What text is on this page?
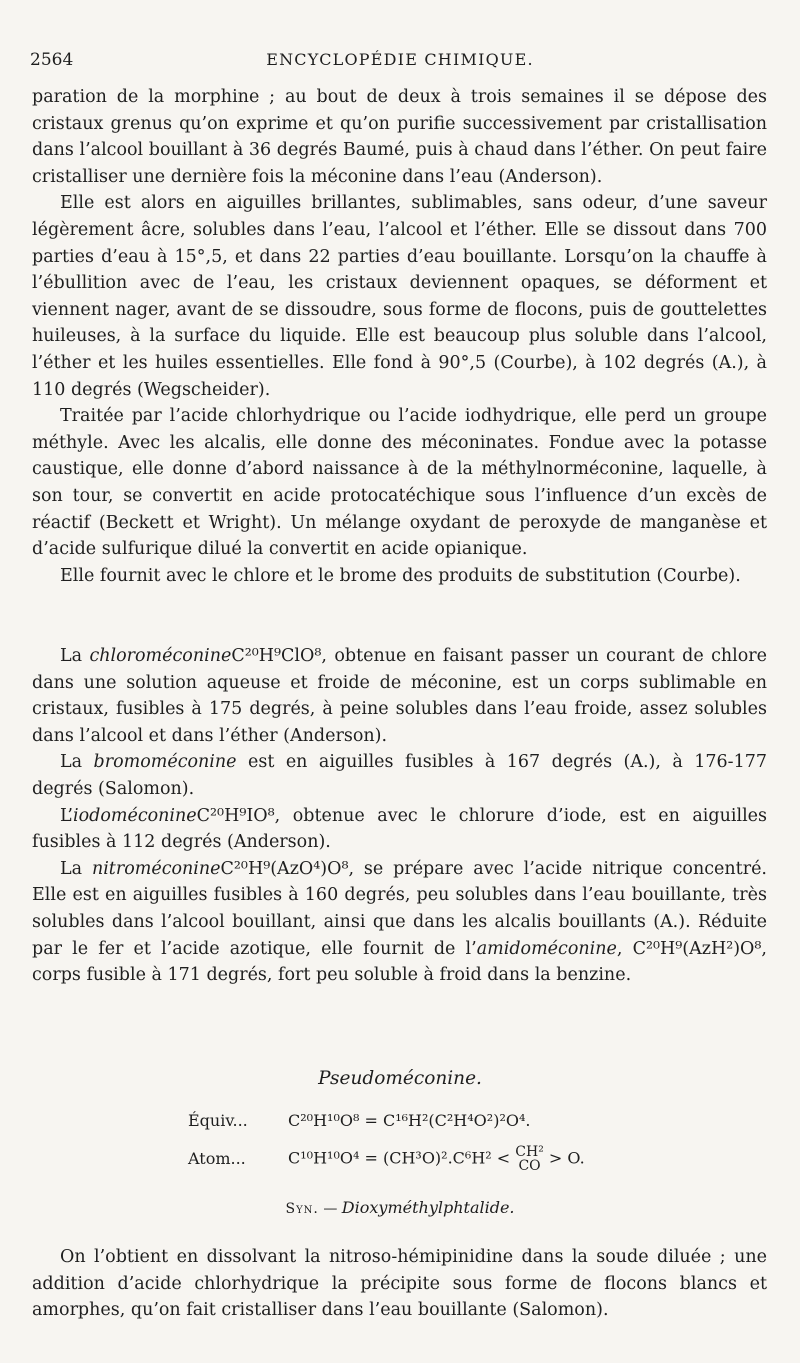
2564	ENCYCLOPÉDIE CHIMIQUE.

paration de la morphine ; au bout de deux à trois semaines il se dépose des cristaux grenus qu’on exprime et qu’on purifie successivement par cristallisation dans l’alcool bouillant à 36 degrés Baumé, puis à chaud dans l’éther. On peut faire cristalliser une dernière fois la méconine dans l’eau (Anderson).

Elle est alors en aiguilles brillantes, sublimables, sans odeur, d’une saveur légèrement âcre, solubles dans l’eau, l’alcool et l’éther. Elle se dissout dans 700 parties d’eau à 15°,5, et dans 22 parties d’eau bouillante. Lorsqu’on la chauffe à l’ébullition avec de l’eau, les cristaux deviennent opaques, se déforment et viennent nager, avant de se dissoudre, sous forme de flocons, puis de gouttelettes huileuses, à la surface du liquide. Elle est beaucoup plus soluble dans l’alcool, l’éther et les huiles essentielles. Elle fond à 90°,5 (Courbe), à 102 degrés (A.), à 110 degrés (Wegscheider).

Traitée par l’acide chlorhydrique ou l’acide iodhydrique, elle perd un groupe méthyle. Avec les alcalis, elle donne des méconinates. Fondue avec la potasse caustique, elle donne d’abord naissance à de la méthylnorméconine, laquelle, à son tour, se convertit en acide protocatéchique sous l’influence d’un excès de réactif (Beckett et Wright). Un mélange oxydant de peroxyde de manganèse et d’acide sulfurique dilué la convertit en acide opianique.

Elle fournit avec le chlore et le brome des produits de substitution (Courbe).

La chloroméconineC²⁰H⁹ClO⁸, obtenue en faisant passer un courant de chlore dans une solution aqueuse et froide de méconine, est un corps sublimable en cristaux, fusibles à 175 degrés, à peine solubles dans l’eau froide, assez solubles dans l’alcool et dans l’éther (Anderson).

La bromoméconine est en aiguilles fusibles à 167 degrés (A.), à 176-177 degrés (Salomon).

L’iodoméconineC²⁰H⁹IO⁸, obtenue avec le chlorure d’iode, est en aiguilles fusibles à 112 degrés (Anderson).

La nitroméconineC²⁰H⁹(AzO⁴)O⁸, se prépare avec l’acide nitrique concentré. Elle est en aiguilles fusibles à 160 degrés, peu solubles dans l’eau bouillante, très solubles dans l’alcool bouillant, ainsi que dans les alcalis bouillants (A.). Réduite par le fer et l’acide azotique, elle fournit de l’amidoméconine, C²⁰H⁹(AzH²)O⁸, corps fusible à 171 degrés, fort peu soluble à froid dans la benzine.

Pseudoméconine.
Équiv...	C²⁰H¹⁰O⁸ = C¹⁶H²(C²H⁴O²)²O⁴.
Atom...	C¹⁰H¹⁰O⁴ = (CH³O)².C⁶H² < CH²
CO > O.
Syn. — Dioxyméthylphtalide.

On l’obtient en dissolvant la nitroso-hémipinidine dans la soude diluée ; une addition d’acide chlorhydrique la précipite sous forme de flocons blancs et amorphes, qu’on fait cristalliser dans l’eau bouillante (Salomon).
